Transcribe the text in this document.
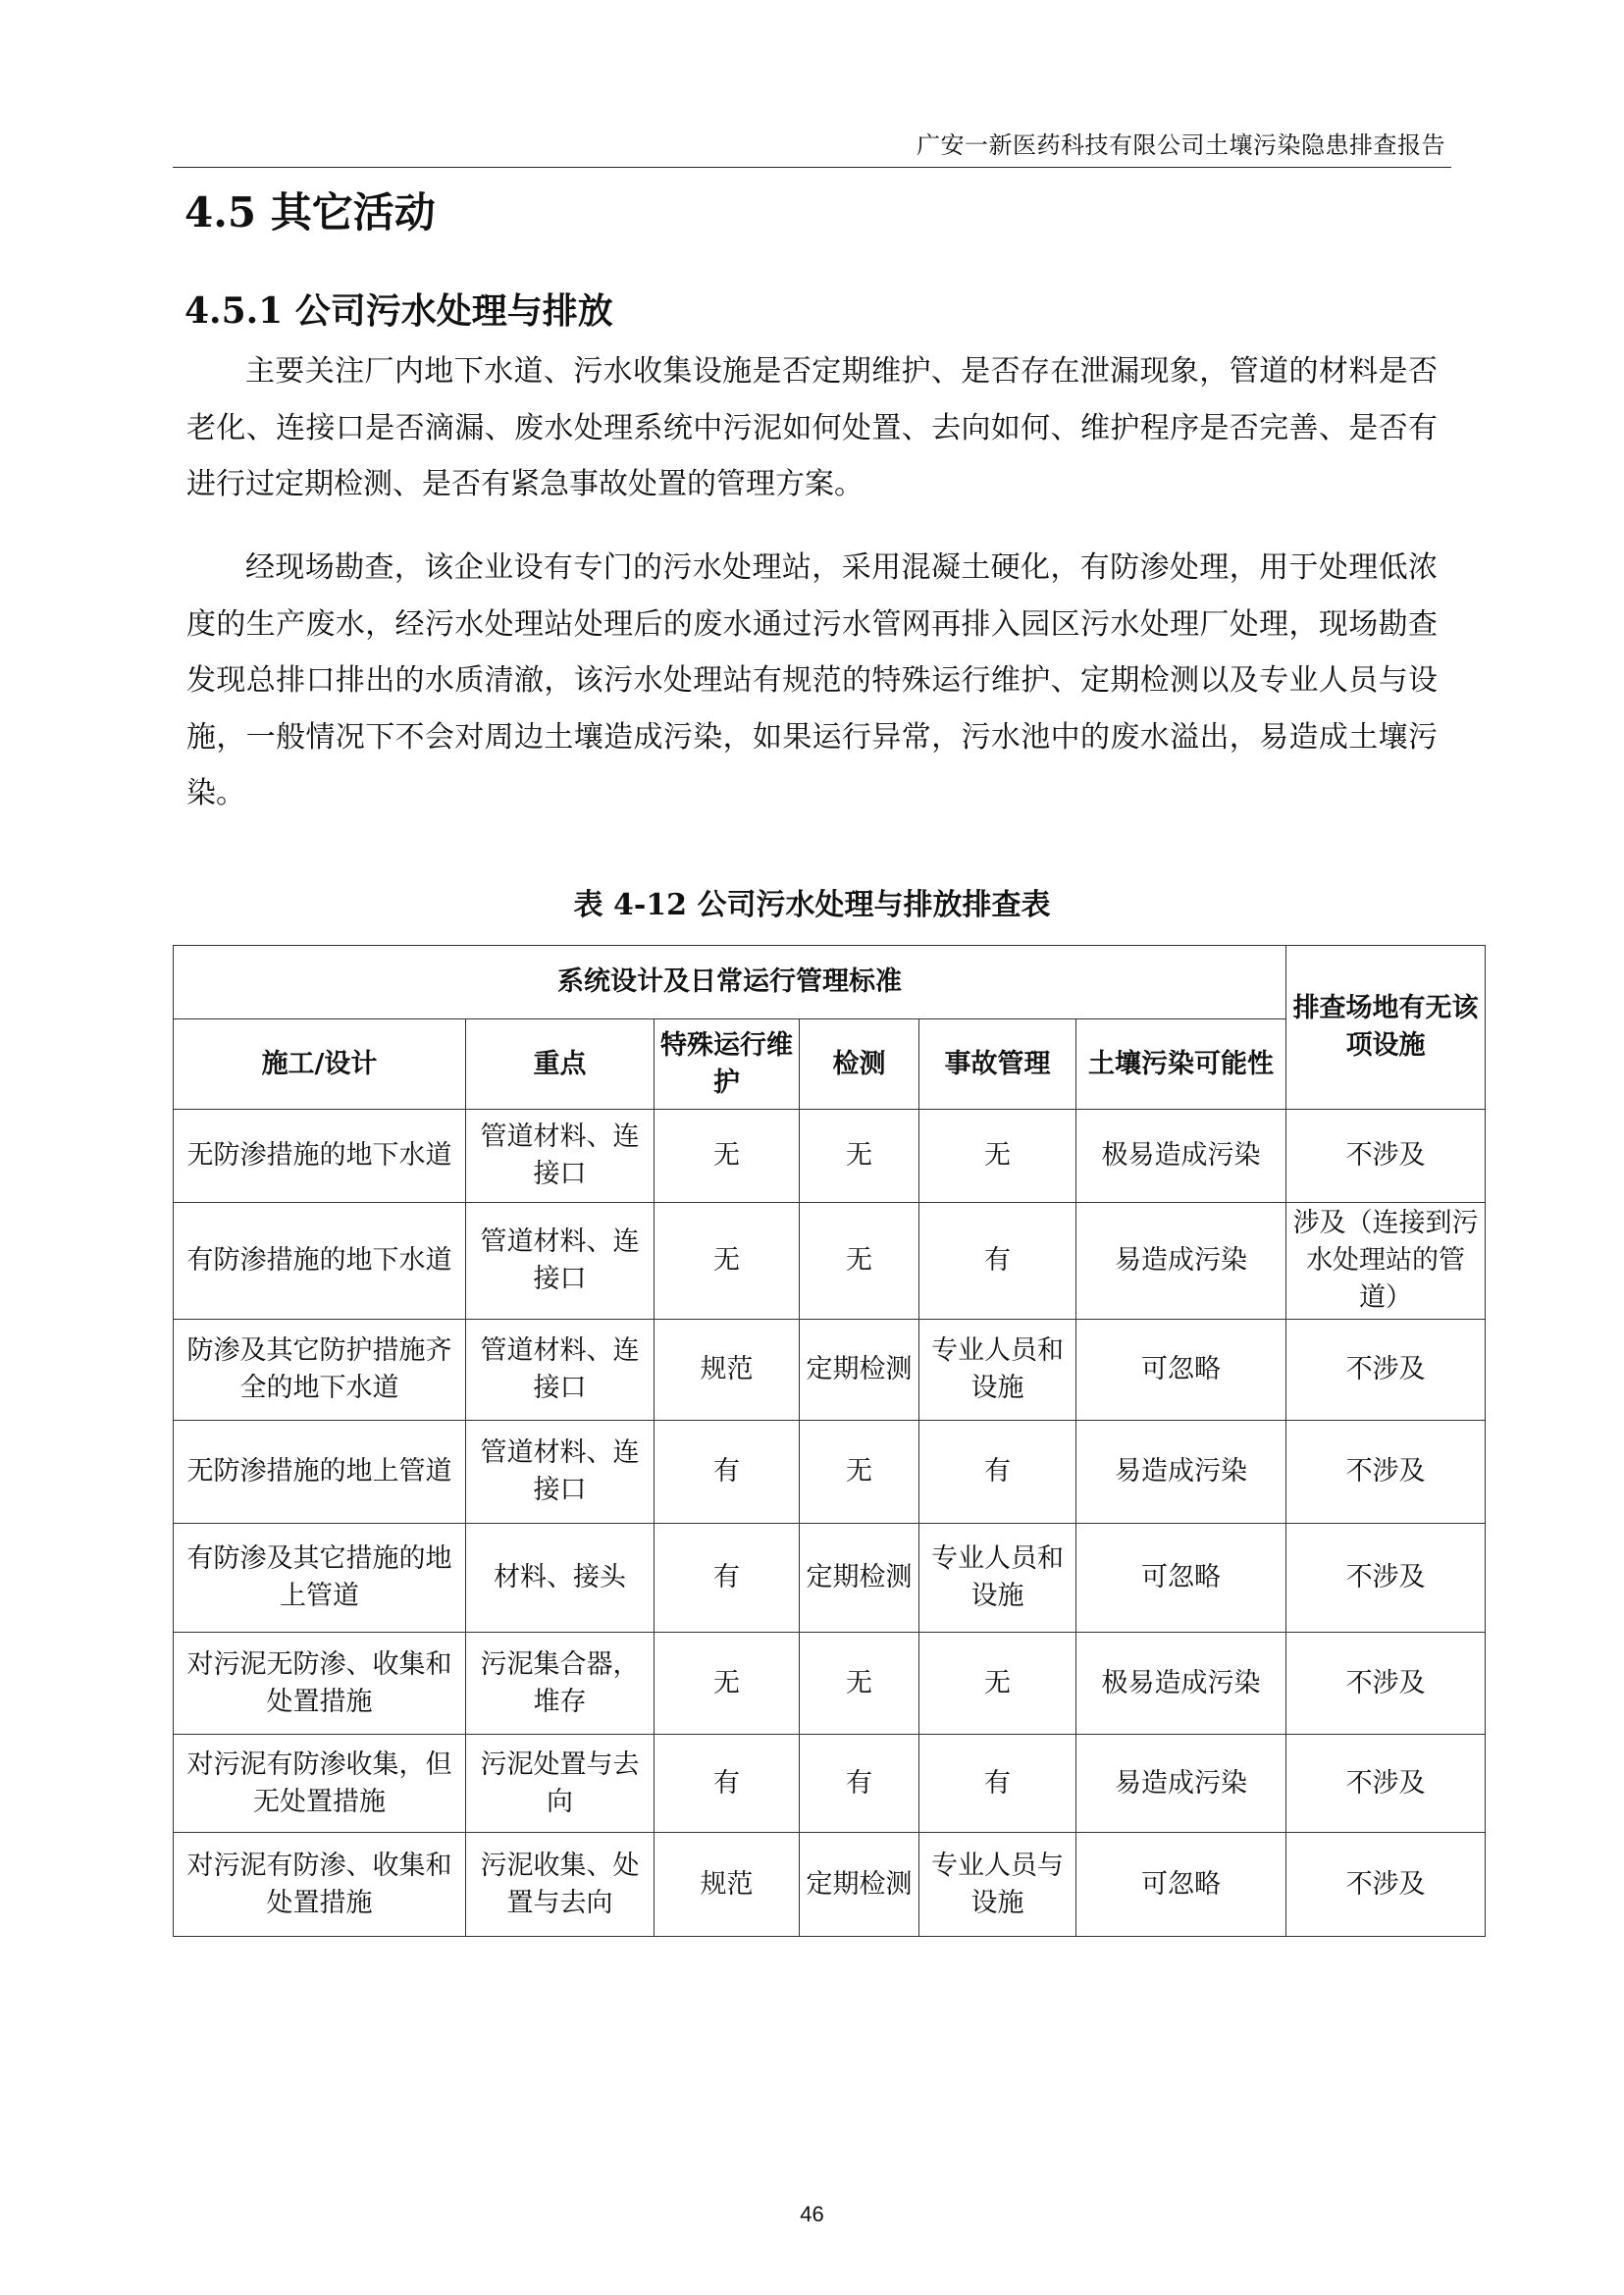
广安一新医药科技有限公司土壤污染隐患排查报告
4.5 其它活动
4.5.1 公司污水处理与排放

主要关注厂内地下水道、污水收集设施是否定期维护、是否存在泄漏现象，管道的材料是否老化、连接口是否滴漏、废水处理系统中污泥如何处置、去向如何、维护程序是否完善、是否有进行过定期检测、是否有紧急事故处置的管理方案。

经现场勘查，该企业设有专门的污水处理站，采用混凝土硬化，有防渗处理，用于处理低浓度的生产废水，经污水处理站处理后的废水通过污水管网再排入园区污水处理厂处理，现场勘查发现总排口排出的水质清澈，该污水处理站有规范的特殊运行维护、定期检测以及专业人员与设施，一般情况下不会对周边土壤造成污染，如果运行异常，污水池中的废水溢出，易造成土壤污染。

表 4-12 公司污水处理与排放排查表
系统设计及日常运行管理标准						排查场地有无该项设施
施工/设计	重点	特殊运行维护	检测	事故管理	土壤污染可能性	
无防渗措施的地下水道	管道材料、连接口	无	无	无	极易造成污染	不涉及
有防渗措施的地下水道	管道材料、连接口	无	无	有	易造成污染	涉及（连接到污水处理站的管道）
防渗及其它防护措施齐全的地下水道	管道材料、连接口	规范	定期检测	专业人员和设施	可忽略	不涉及
无防渗措施的地上管道	管道材料、连接口	有	无	有	易造成污染	不涉及
有防渗及其它措施的地上管道	材料、接头	有	定期检测	专业人员和设施	可忽略	不涉及
对污泥无防渗、收集和处置措施	污泥集合器，堆存	无	无	无	极易造成污染	不涉及
对污泥有防渗收集，但无处置措施	污泥处置与去向	有	有	有	易造成污染	不涉及
对污泥有防渗、收集和处置措施	污泥收集、处置与去向	规范	定期检测	专业人员与设施	可忽略	不涉及
46
